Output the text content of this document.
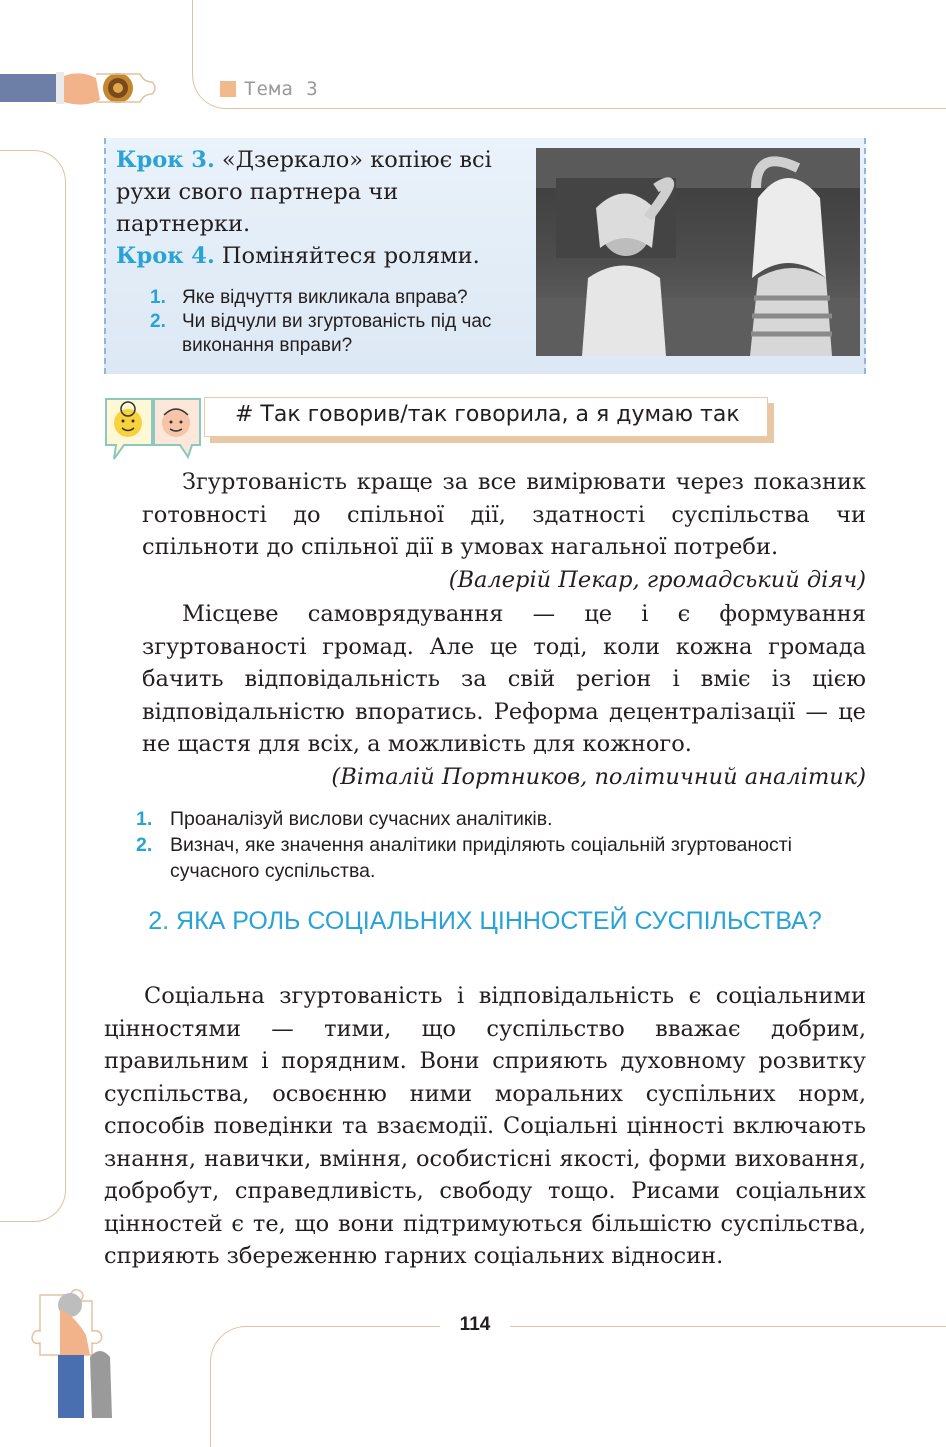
Тема 3
Крок 3. «Дзеркало» копіює всі рухи свого партнера чи партнерки.
Крок 4. Поміняйтеся ролями.
1. Яке відчуття викликала вправа?
2. Чи відчули ви згуртованість під час виконання вправи?
# Так говорив/так говорила, а я думаю так

Згуртованість краще за все вимірювати через показник готовності до спільної дії, здатності суспільства чи спільноти до спільної дії в умовах нагальної потреби.

(Валерій Пекар, громадський діяч)

Місцеве самоврядування — це і є формування згуртованості громад. Але це тоді, коли кожна громада бачить відповідальність за свій регіон і вміє із цією відповідальністю впоратись. Реформа децентралізації — це не щастя для всіх, а можливість для кожного.

(Віталій Портников, політичний аналітик)

1. Проаналізуй вислови сучасних аналітиків.
2. Визнач, яке значення аналітики приділяють соціальній згуртованості сучасного суспільства.
2. ЯКА РОЛЬ СОЦІАЛЬНИХ ЦІННОСТЕЙ СУСПІЛЬСТВА?

Соціальна згуртованість і відповідальність є соціальними цінностями — тими, що суспільство вважає добрим, правильним і порядним. Вони сприяють духовному розвитку суспільства, освоєнню ними моральних суспільних норм, способів поведінки та взаємодії. Соціальні цінності включають знання, навички, вміння, особистісні якості, форми виховання, добробут, справедливість, свободу тощо. Рисами соціальних цінностей є те, що вони підтримуються більшістю суспільства, сприяють збереженню гарних соціальних відносин.

114
